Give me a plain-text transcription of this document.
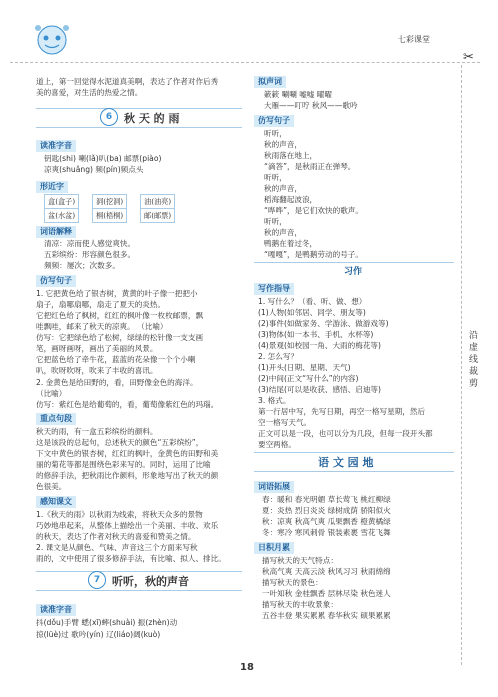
七彩课堂
✂
沿虚线裁剪
道上，第一回觉得水泥道真美啊，表达了作者对作后秀
美的喜爱，对生活的热爱之情。
6	秋 天 的 雨
读准字音
钥匙(shi) 喇(lǎ)叭(ba) 邮票(piào)
凉爽(shuǎng) 频(pín)频点头
形近字
盒(盒子)	洞(挖洞)	油(油亮)
盆(水盆)	桐(梧桐)	邮(邮票)
词语解释
清凉：凉而使人感觉爽快。
五彩缤纷：形容颜色很多。
频频：屡次；次数多。
仿写句子
1. 它把黄色给了银杏树，黄黄的叶子像一把把小
扇子，扇哪扇哪，扇走了夏天的炎热。
它把红色给了枫树，红红的枫叶像一枚枚邮票，飘
哇飘哇，邮来了秋天的凉爽。 （比喻）
仿写：它把绿色给了松树，绿绿的松针像一支支画
笔，画呀画呀，画出了美丽的风景。
它把蓝色给了牵牛花，蓝蓝的花朵像一个个小喇
叭，吹呀吹呀，吹来了丰收的喜讯。
2. 金黄色是给田野的，看，田野像金色的海洋。
（比喻）
仿写：紫红色是给葡萄的，看，葡萄像紫红色的玛瑙。
重点句段
秋天的雨，有一盒五彩缤纷的颜料。
这是该段的总起句，总述秋天的颜色“五彩缤纷”，
下文中黄色的银杏树，红红的枫叶，金黄色的田野和美
丽的菊花等都是围绕色彩来写的。同时，运用了比喻
的修辞手法，把秋雨比作颜料，形象地写出了秋天的颜
色很美。
感知课文
1.《秋天的雨》以秋雨为线索，将秋天众多的景物
巧妙地串起来，从整体上描绘出一个美丽、丰收、欢乐
的秋天，表达了作者对秋天的喜爱和赞美之情。
2. 课文是从颜色、气味、声音这三个方面来写秋
雨的，文中使用了很多修辞手法，有比喻、拟人、排比。
7	听听，秋的声音
读准字音
抖(dǒu)手臂 蟋(xī)蟀(shuài) 振(zhèn)动
掠(lüè)过 歌吟(yín) 辽(liáo)阔(kuò)
拟声词
簌簌 唰唰 嘘嘘 曜曜
大雁——叮咛 秋风——歌吟
仿写句子
听听，
秋的声音，
秋雨落在地上，
“滴答”，是秋雨正在弹琴。
听听，
秋的声音，
稻海翻起波浪，
“哗哗”，是它们欢快的歌声。
听听，
秋的声音，
鸭鹅在着过冬，
“嘎嘎”，是鸭鹅劳动的号子。
习作
写作指导
1. 写什么？（看、听、做、想）
(1)人物(如邻居、同学、朋友等)
(2)事件(如做家务、学游泳、做游戏等)
(3)物体(如一本书、手机、水杯等)
(4)景观(如校园一角、大雨的梅花等)
2. 怎么写？
(1)开头(日期、星期、天气)
(2)中间(正文“写什么”的内容)
(3)结尾(可以是收获、感悟、启迪等)
3. 格式。
第一行居中写，先写日期，再空一格写星期，然后
空一格写天气。
正文可以是一段，也可以分为几段，但每一段开头都
要空两格。
语 文 园 地
词语拓展
春：暖和 春光明媚 草长莺飞 桃红柳绿
夏：炎热 烈日炎炎 绿树成荫 骄阳似火
秋：凉爽 秋高气爽 瓜果飘香 橙黄橘绿
冬：寒冷 寒风刺骨 银装素裹 雪花飞舞
日积月累
描写秋天的天气特点：
秋高气爽 天高云淡 秋风习习 秋雨绵绵
描写秋天的景色：
一叶知秋 金桂飘香 层林尽染 秋色迷人
描写秋天的丰收景象：
五谷丰登 果实累累 春华秋实 硕果累累
18
